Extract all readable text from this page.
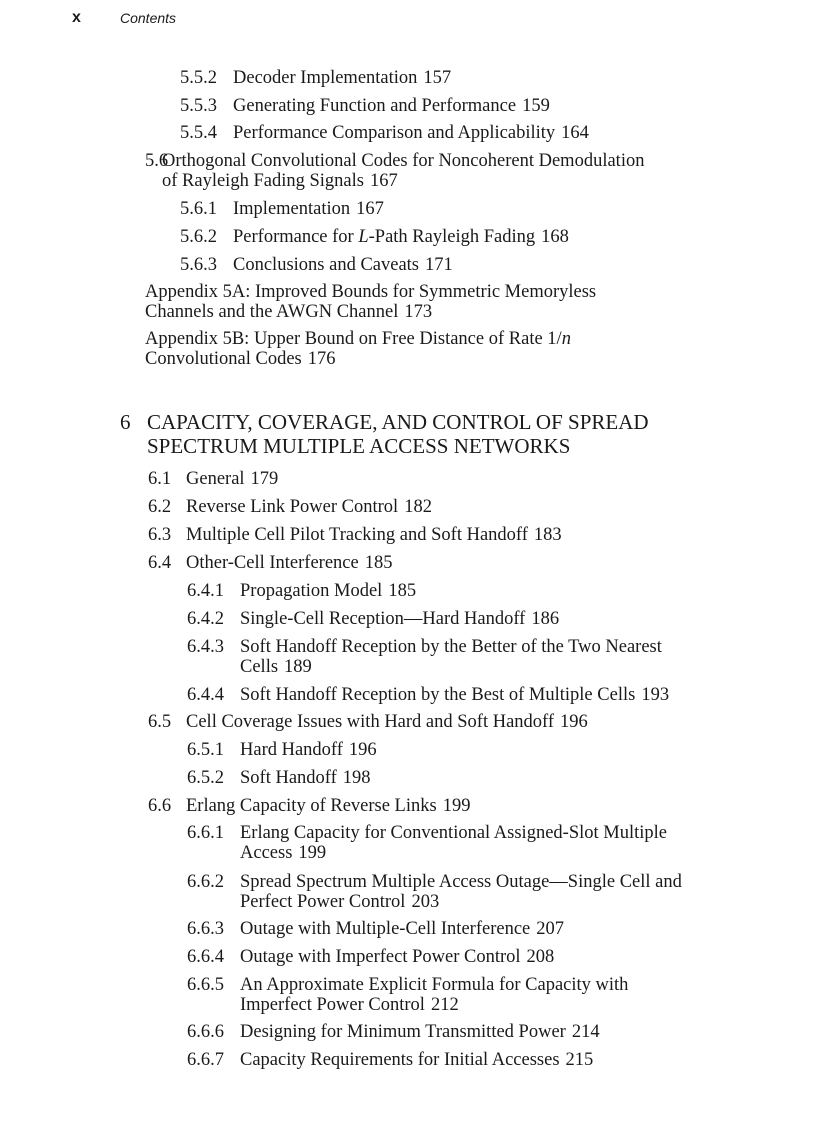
x	Contents
5.5.2 Decoder Implementation 157
5.5.3 Generating Function and Performance 159
5.5.4 Performance Comparison and Applicability 164
5.6Orthogonal Convolutional Codes for Noncoherent Demodulation
of Rayleigh Fading Signals 167
5.6.1 Implementation 167
5.6.2 Performance for L-Path Rayleigh Fading 168
5.6.3 Conclusions and Caveats 171
Appendix 5A: Improved Bounds for Symmetric Memoryless
Channels and the AWGN Channel 173
Appendix 5B: Upper Bound on Free Distance of Rate 1/n
Convolutional Codes 176
6 CAPACITY, COVERAGE, AND CONTROL OF SPREAD
SPECTRUM MULTIPLE ACCESS NETWORKS
6.1 General 179
6.2 Reverse Link Power Control 182
6.3 Multiple Cell Pilot Tracking and Soft Handoff 183
6.4 Other-Cell Interference 185
6.4.1 Propagation Model 185
6.4.2 Single-Cell Reception—Hard Handoff 186
6.4.3 Soft Handoff Reception by the Better of the Two Nearest
Cells 189
6.4.4 Soft Handoff Reception by the Best of Multiple Cells 193
6.5 Cell Coverage Issues with Hard and Soft Handoff 196
6.5.1 Hard Handoff 196
6.5.2 Soft Handoff 198
6.6 Erlang Capacity of Reverse Links 199
6.6.1 Erlang Capacity for Conventional Assigned-Slot Multiple
Access 199
6.6.2 Spread Spectrum Multiple Access Outage—Single Cell and
Perfect Power Control 203
6.6.3 Outage with Multiple-Cell Interference 207
6.6.4 Outage with Imperfect Power Control 208
6.6.5 An Approximate Explicit Formula for Capacity with
Imperfect Power Control 212
6.6.6 Designing for Minimum Transmitted Power 214
6.6.7 Capacity Requirements for Initial Accesses 215
